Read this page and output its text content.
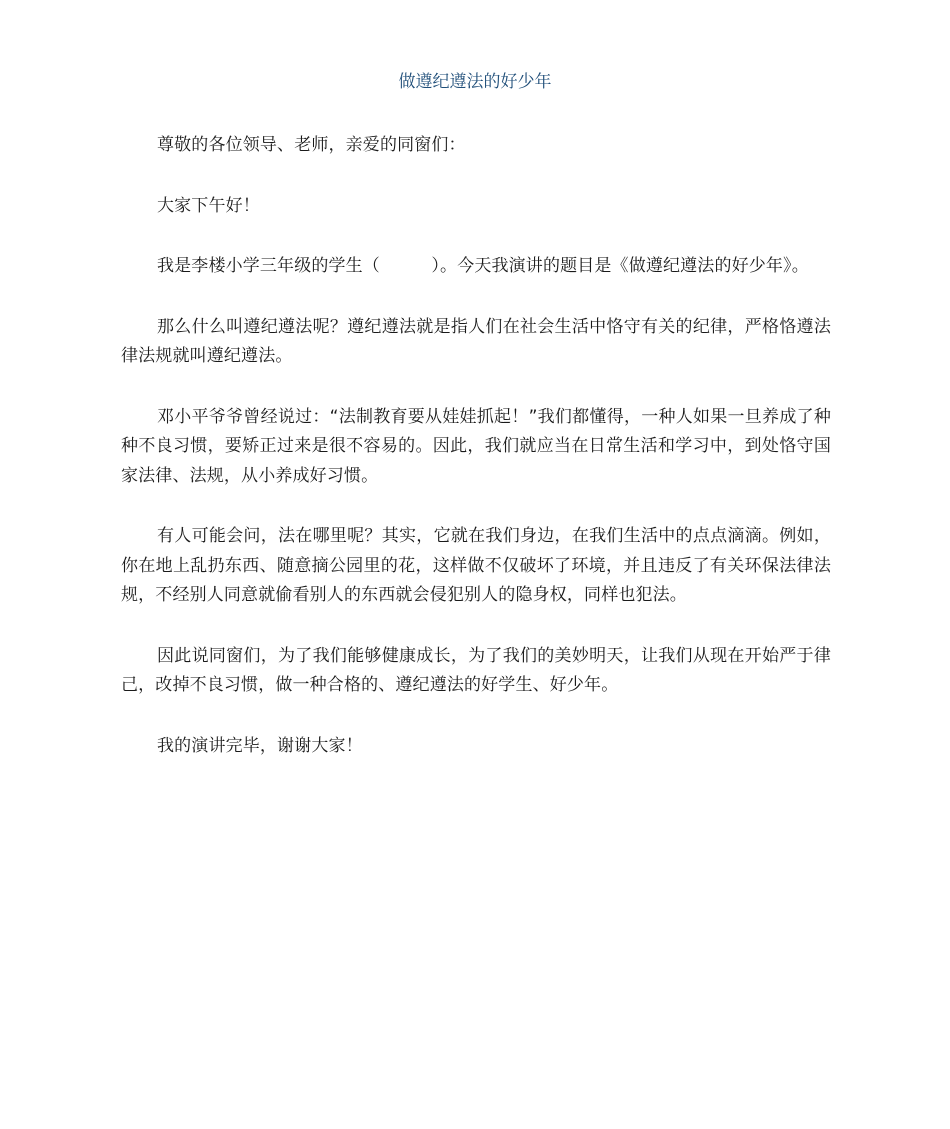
做遵纪遵法的好少年

尊敬的各位领导、老师，亲爱的同窗们：

大家下午好！

我是李楼小学三年级的学生（　　　）。今天我演讲的题目是《做遵纪遵法的好少年》。

那么什么叫遵纪遵法呢？遵纪遵法就是指人们在社会生活中恪守有关的纪律，严格恪遵法律法规就叫遵纪遵法。

邓小平爷爷曾经说过：“法制教育要从娃娃抓起！”我们都懂得，一种人如果一旦养成了种种不良习惯，要矫正过来是很不容易的。因此，我们就应当在日常生活和学习中，到处恪守国家法律、法规，从小养成好习惯。

有人可能会问，法在哪里呢？其实，它就在我们身边，在我们生活中的点点滴滴。例如，你在地上乱扔东西、随意摘公园里的花，这样做不仅破坏了环境，并且违反了有关环保法律法规，不经别人同意就偷看别人的东西就会侵犯别人的隐身权，同样也犯法。

因此说同窗们，为了我们能够健康成长，为了我们的美妙明天，让我们从现在开始严于律己，改掉不良习惯，做一种合格的、遵纪遵法的好学生、好少年。

我的演讲完毕，谢谢大家！
